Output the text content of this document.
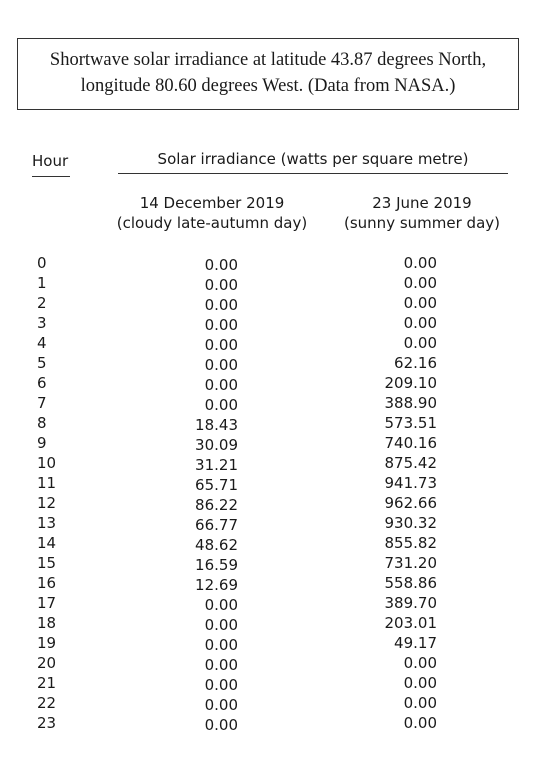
Shortwave solar irradiance at latitude 43.87 degrees North,
longitude 80.60 degrees West. (Data from NASA.)
Hour	Solar irradiance (watts per square metre)
14 December 2019
(cloudy late-autumn day)
23 June 2019
(sunny summer day)
0	0.00	0.00
1	0.00	0.00
2	0.00	0.00
3	0.00	0.00
4	0.00	0.00
5	0.00	62.16
6	0.00	209.10
7	0.00	388.90
8	18.43	573.51
9	30.09	740.16
10	31.21	875.42
11	65.71	941.73
12	86.22	962.66
13	66.77	930.32
14	48.62	855.82
15	16.59	731.20
16	12.69	558.86
17	0.00	389.70
18	0.00	203.01
19	0.00	49.17
20	0.00	0.00
21	0.00	0.00
22	0.00	0.00
23	0.00	0.00
